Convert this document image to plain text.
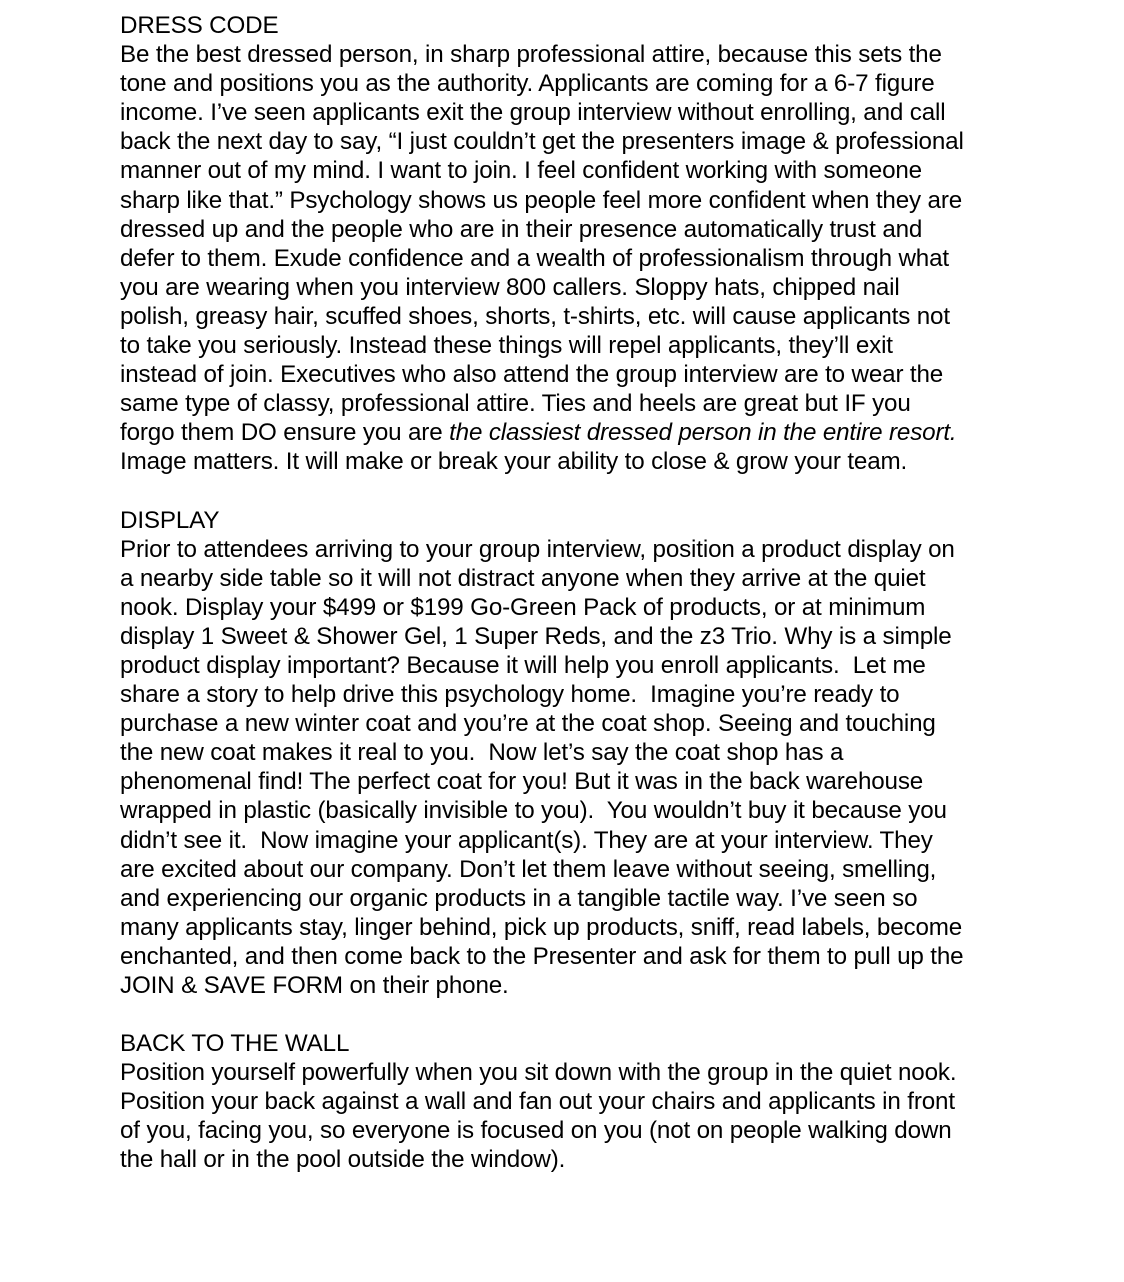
DRESS CODE
Be the best dressed person, in sharp professional attire, because this sets the
tone and positions you as the authority. Applicants are coming for a 6-7 figure
income. I’ve seen applicants exit the group interview without enrolling, and call
back the next day to say, “I just couldn’t get the presenters image & professional
manner out of my mind. I want to join. I feel confident working with someone
sharp like that.” Psychology shows us people feel more confident when they are
dressed up and the people who are in their presence automatically trust and
defer to them. Exude confidence and a wealth of professionalism through what
you are wearing when you interview 800 callers. Sloppy hats, chipped nail
polish, greasy hair, scuffed shoes, shorts, t-shirts, etc. will cause applicants not
to take you seriously. Instead these things will repel applicants, they’ll exit
instead of join. Executives who also attend the group interview are to wear the
same type of classy, professional attire. Ties and heels are great but IF you
forgo them DO ensure you are the classiest dressed person in the entire resort.
Image matters. It will make or break your ability to close & grow your team.
DISPLAY
Prior to attendees arriving to your group interview, position a product display on
a nearby side table so it will not distract anyone when they arrive at the quiet
nook. Display your $499 or $199 Go-Green Pack of products, or at minimum
display 1 Sweet & Shower Gel, 1 Super Reds, and the z3 Trio. Why is a simple
product display important? Because it will help you enroll applicants.  Let me
share a story to help drive this psychology home.  Imagine you’re ready to
purchase a new winter coat and you’re at the coat shop. Seeing and touching
the new coat makes it real to you.  Now let’s say the coat shop has a
phenomenal find! The perfect coat for you! But it was in the back warehouse
wrapped in plastic (basically invisible to you).  You wouldn’t buy it because you
didn’t see it.  Now imagine your applicant(s). They are at your interview. They
are excited about our company. Don’t let them leave without seeing, smelling,
and experiencing our organic products in a tangible tactile way. I’ve seen so
many applicants stay, linger behind, pick up products, sniff, read labels, become
enchanted, and then come back to the Presenter and ask for them to pull up the
JOIN & SAVE FORM on their phone.
BACK TO THE WALL
Position yourself powerfully when you sit down with the group in the quiet nook.
Position your back against a wall and fan out your chairs and applicants in front
of you, facing you, so everyone is focused on you (not on people walking down
the hall or in the pool outside the window).
